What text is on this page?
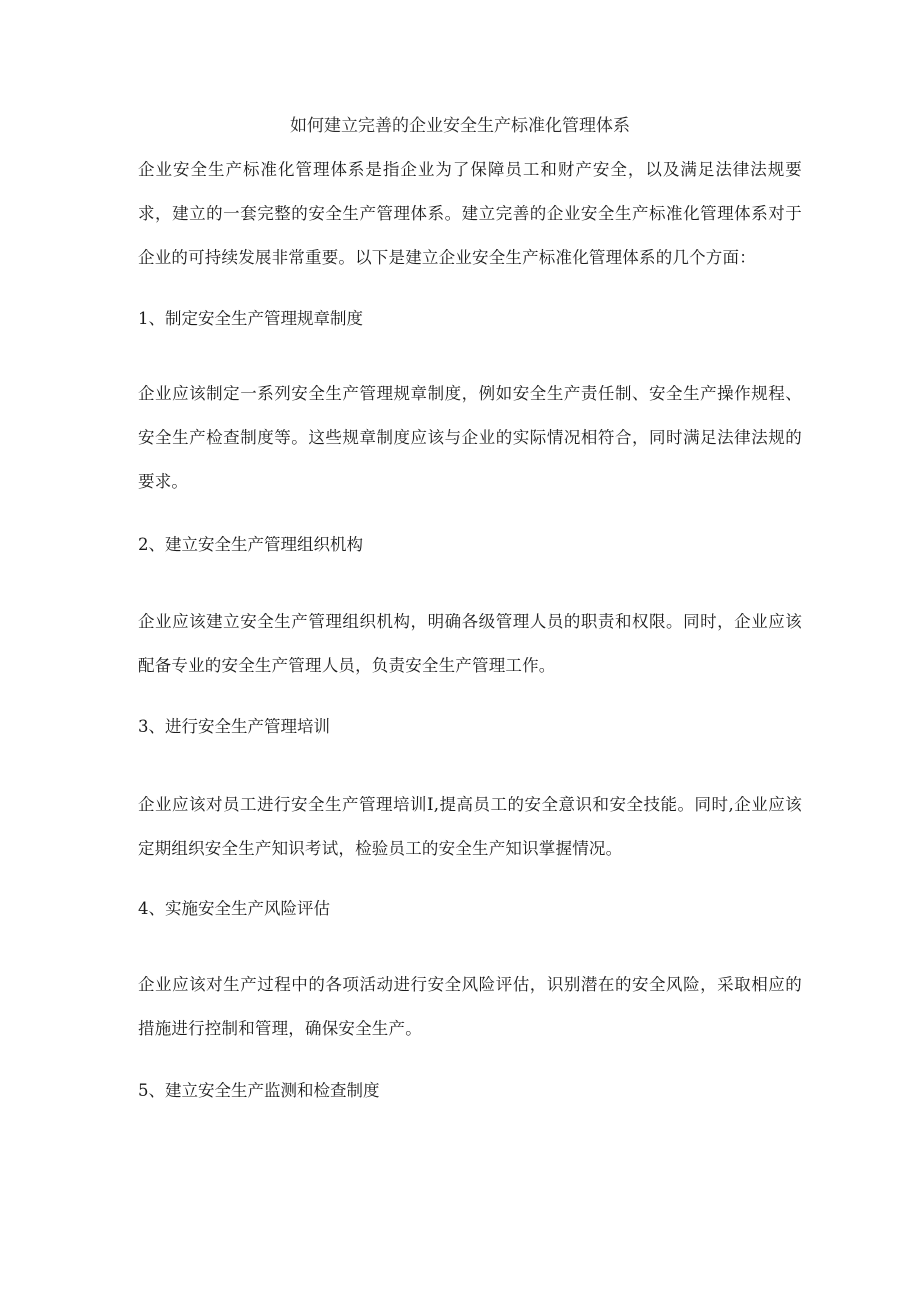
如何建立完善的企业安全生产标准化管理体系

企业安全生产标准化管理体系是指企业为了保障员工和财产安全，以及满足法律法规要求，建立的一套完整的安全生产管理体系。建立完善的企业安全生产标准化管理体系对于企业的可持续发展非常重要。以下是建立企业安全生产标准化管理体系的几个方面：

1、制定安全生产管理规章制度

企业应该制定一系列安全生产管理规章制度，例如安全生产责任制、安全生产操作规程、安全生产检查制度等。这些规章制度应该与企业的实际情况相符合，同时满足法律法规的要求。

2、建立安全生产管理组织机构

企业应该建立安全生产管理组织机构，明确各级管理人员的职责和权限。同时，企业应该配备专业的安全生产管理人员，负责安全生产管理工作。

3、进行安全生产管理培训

企业应该对员工进行安全生产管理培训I,提高员工的安全意识和安全技能。同时,企业应该定期组织安全生产知识考试，检验员工的安全生产知识掌握情况。

4、实施安全生产风险评估

企业应该对生产过程中的各项活动进行安全风险评估，识别潜在的安全风险，采取相应的措施进行控制和管理，确保安全生产。

5、建立安全生产监测和检查制度
